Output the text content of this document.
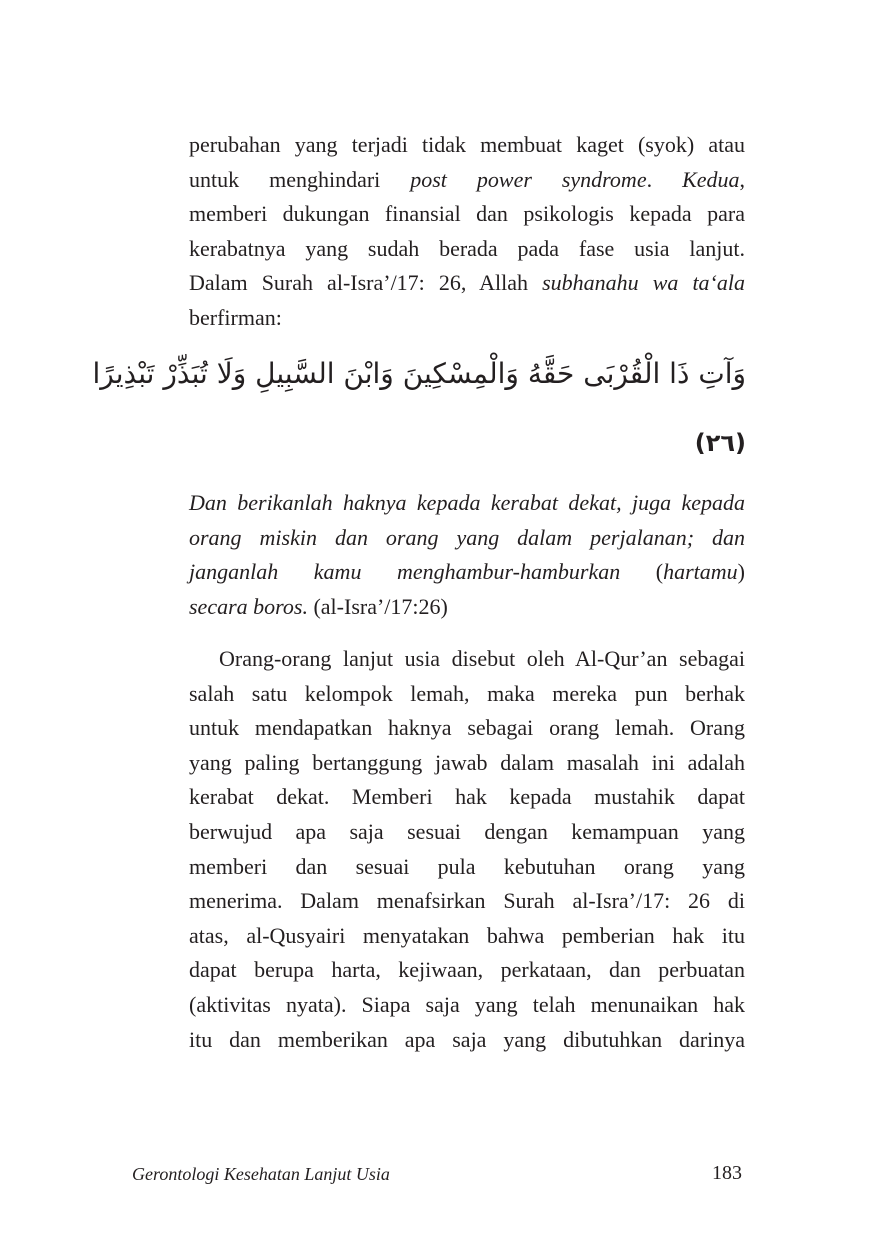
perubahan yang terjadi tidak membuat kaget (syok) atau
untuk menghindari post power syndrome. Kedua,
memberi dukungan finansial dan psikologis kepada para
kerabatnya yang sudah berada pada fase usia lanjut.
Dalam Surah al-Isra’/17: 26, Allah subhanahu wa ta‘ala
berfirman:
وَآتِ ذَا الْقُرْبَى حَقَّهُ وَالْمِسْكِينَ وَابْنَ السَّبِيلِ وَلَا تُبَذِّرْ تَبْذِيرًا
(٢٦)
Dan berikanlah haknya kepada kerabat dekat, juga kepada
orang miskin dan orang yang dalam perjalanan; dan
janganlah kamu menghambur-hamburkan (hartamu)
secara boros. (al-Isra’/17:26)
Orang-orang lanjut usia disebut oleh Al-Qur’an sebagai
salah satu kelompok lemah, maka mereka pun berhak
untuk mendapatkan haknya sebagai orang lemah. Orang
yang paling bertanggung jawab dalam masalah ini adalah
kerabat dekat. Memberi hak kepada mustahik dapat
berwujud apa saja sesuai dengan kemampuan yang
memberi dan sesuai pula kebutuhan orang yang
menerima. Dalam menafsirkan Surah al-Isra’/17: 26 di
atas, al-Qusyairi menyatakan bahwa pemberian hak itu
dapat berupa harta, kejiwaan, perkataan, dan perbuatan
(aktivitas nyata). Siapa saja yang telah menunaikan hak
itu dan memberikan apa saja yang dibutuhkan darinya
Gerontologi Kesehatan Lanjut Usia	183
